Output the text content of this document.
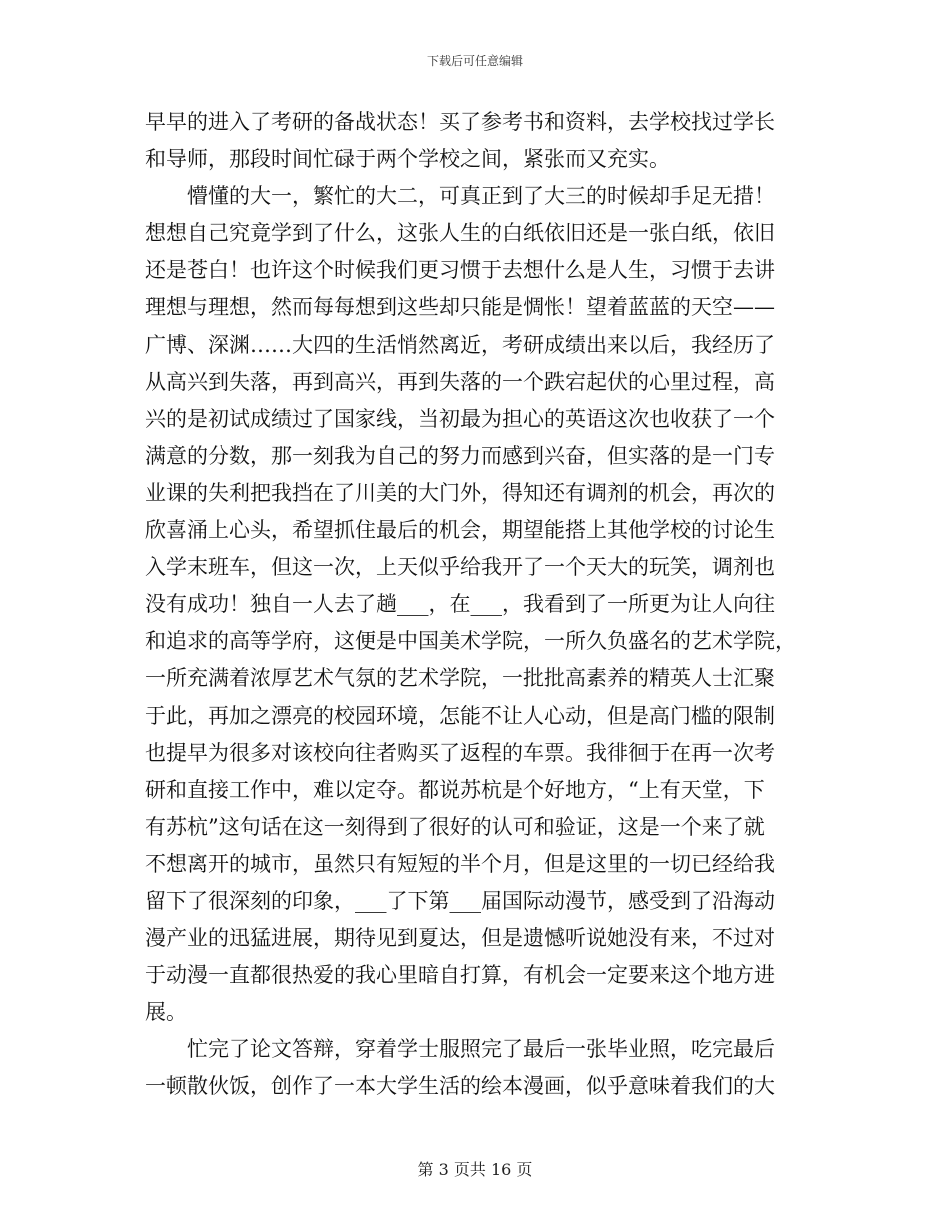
下载后可任意编辑
早早的进入了考研的备战状态！买了参考书和资料，去学校找过学长
和导师，那段时间忙碌于两个学校之间，紧张而又充实。
　　懵懂的大一，繁忙的大二，可真正到了大三的时候却手足无措！
想想自己究竟学到了什么，这张人生的白纸依旧还是一张白纸，依旧
还是苍白！也许这个时候我们更习惯于去想什么是人生，习惯于去讲
理想与理想，然而每每想到这些却只能是惆怅！望着蓝蓝的天空——
广博、深渊……大四的生活悄然离近，考研成绩出来以后，我经历了
从高兴到失落，再到高兴，再到失落的一个跌宕起伏的心里过程，高
兴的是初试成绩过了国家线，当初最为担心的英语这次也收获了一个
满意的分数，那一刻我为自己的努力而感到兴奋，但实落的是一门专
业课的失利把我挡在了川美的大门外，得知还有调剂的机会，再次的
欣喜涌上心头，希望抓住最后的机会，期望能搭上其他学校的讨论生
入学末班车，但这一次，上天似乎给我开了一个天大的玩笑，调剂也
没有成功！独自一人去了趟___，在___，我看到了一所更为让人向往
和追求的高等学府，这便是中国美术学院，一所久负盛名的艺术学院，
一所充满着浓厚艺术气氛的艺术学院，一批批高素养的精英人士汇聚
于此，再加之漂亮的校园环境，怎能不让人心动，但是高门槛的限制
也提早为很多对该校向往者购买了返程的车票。我徘徊于在再一次考
研和直接工作中，难以定夺。都说苏杭是个好地方，“上有天堂，下
有苏杭”这句话在这一刻得到了很好的认可和验证，这是一个来了就
不想离开的城市，虽然只有短短的半个月，但是这里的一切已经给我
留下了很深刻的印象，___了下第___届国际动漫节，感受到了沿海动
漫产业的迅猛进展，期待见到夏达，但是遗憾听说她没有来，不过对
于动漫一直都很热爱的我心里暗自打算，有机会一定要来这个地方进
展。
　　忙完了论文答辩，穿着学士服照完了最后一张毕业照，吃完最后
一顿散伙饭，创作了一本大学生活的绘本漫画，似乎意味着我们的大
第 3 页共 16 页
